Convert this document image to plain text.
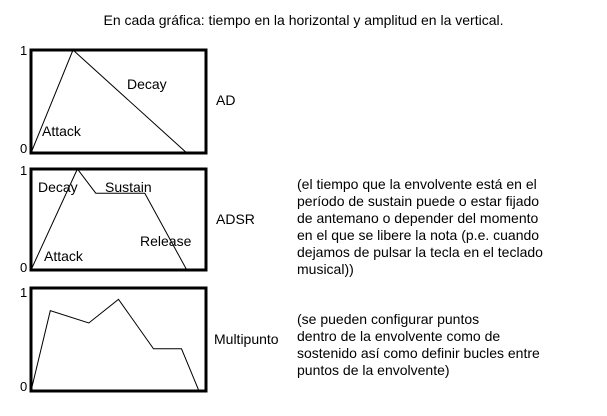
En cada gráfica: tiempo en la horizontal y amplitud en la vertical.
1
0
1
0
1
0
Decay
Attack
AD
Decay Sustain
Release
Attack
ADSR
(el tiempo que la envolvente está en el
período de sustain puede o estar fijado
de antemano o depender del momento
en el que se libere la nota (p.e. cuando
dejamos de pulsar la tecla en el teclado
musical))
Multipunto
(se pueden configurar puntos
dentro de la envolvente como de
sostenido así como definir bucles entre
puntos de la envolvente)
